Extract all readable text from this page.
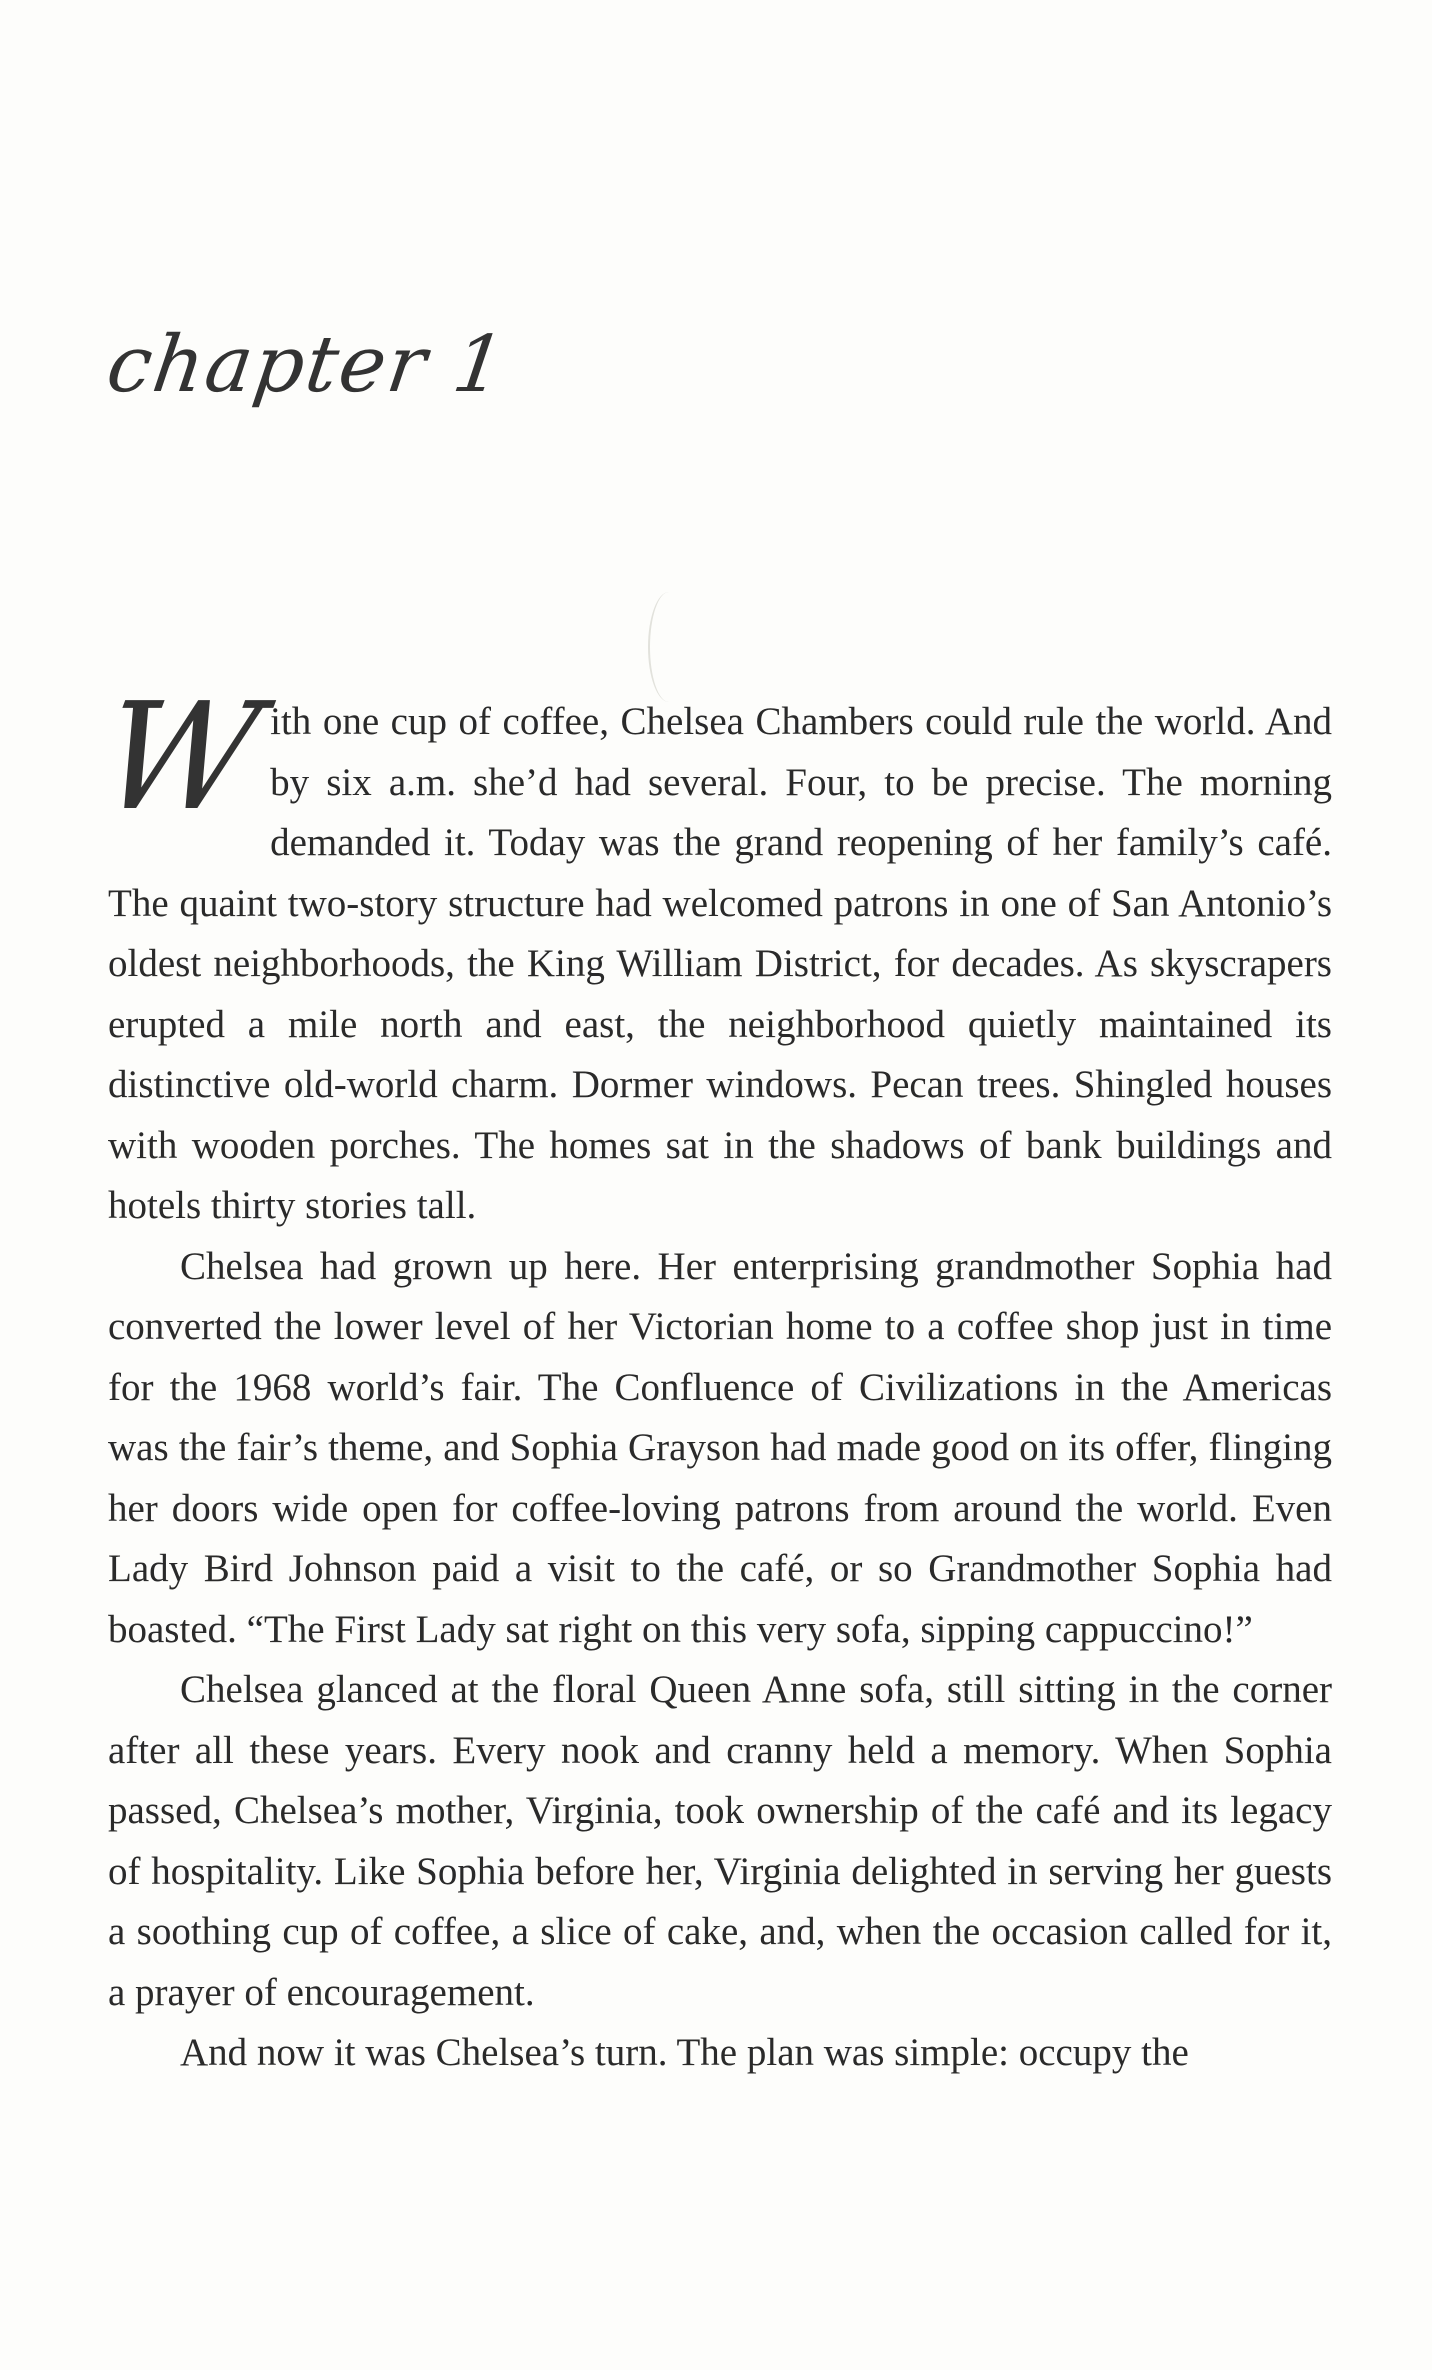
chapter 1

W
ith one cup of coffee, Chelsea Chambers could rule the world. And by six a.m. she’d had several. Four, to be precise. The morning demanded it. Today was the grand reopening of her family’s café. The quaint two-story structure had welcomed patrons in one of San Antonio’s oldest neighborhoods, the King William District, for decades. As skyscrapers erupted a mile north and east, the neighborhood quietly maintained its distinctive old-world charm. Dormer windows. Pecan trees. Shingled houses with wooden porches. The homes sat in the shadows of bank buildings and hotels thirty stories tall.

Chelsea had grown up here. Her enterprising grandmother Sophia had converted the lower level of her Victorian home to a coffee shop just in time for the 1968 world’s fair. The Confluence of Civilizations in the Americas was the fair’s theme, and Sophia Grayson had made good on its offer, flinging her doors wide open for coffee-loving patrons from around the world. Even Lady Bird Johnson paid a visit to the café, or so Grandmother Sophia had boasted. “The First Lady sat right on this very sofa, sipping cappuccino!”

Chelsea glanced at the floral Queen Anne sofa, still sitting in the corner after all these years. Every nook and cranny held a memory. When Sophia passed, Chelsea’s mother, Virginia, took ownership of the café and its legacy of hospitality. Like Sophia before her, Virginia delighted in serving her guests a soothing cup of coffee, a slice of cake, and, when the occasion called for it, a prayer of encouragement.

And now it was Chelsea’s turn. The plan was simple: occupy the
